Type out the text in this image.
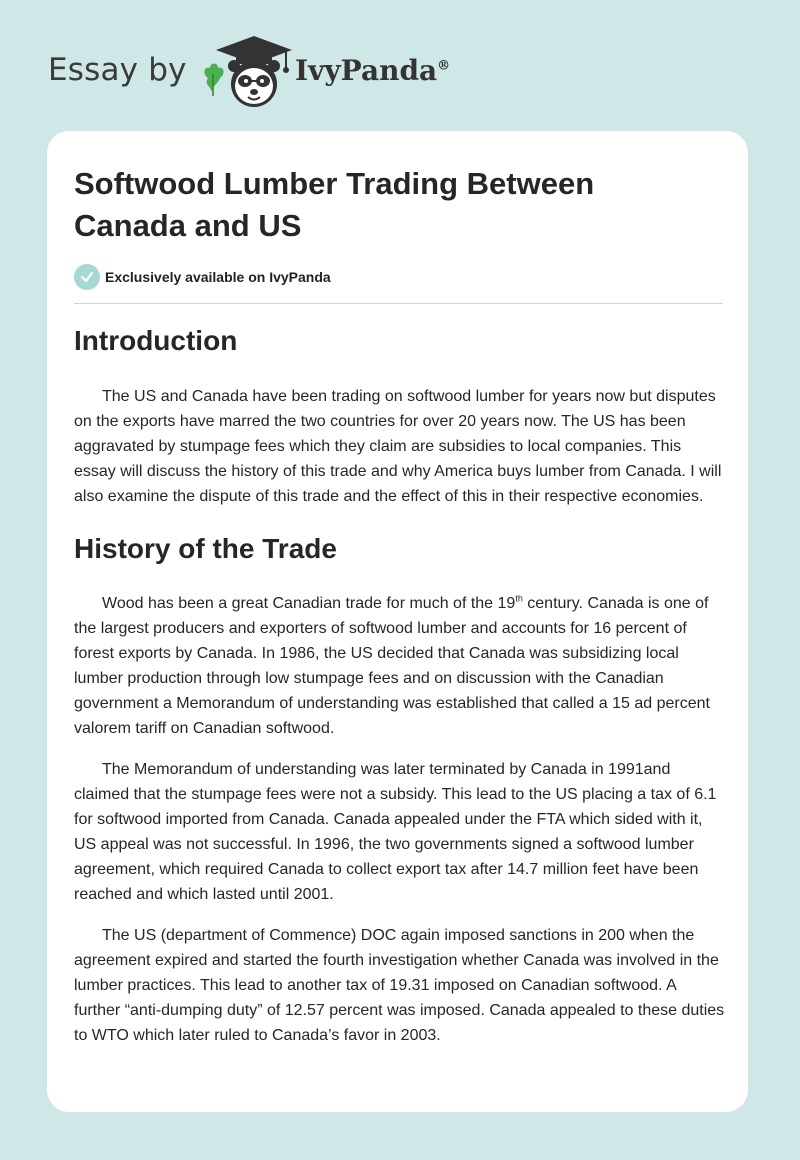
Essay by	IvyPanda®
Softwood Lumber Trading Between Canada and US
Exclusively available on IvyPanda
Introduction

The US and Canada have been trading on softwood lumber for years now but disputes on the exports have marred the two countries for over 20 years now. The US has been aggravated by stumpage fees which they claim are subsidies to local companies. This essay will discuss the history of this trade and why America buys lumber from Canada. I will also examine the dispute of this trade and the effect of this in their respective economies.

History of the Trade

Wood has been a great Canadian trade for much of the 19th century. Canada is one of the largest producers and exporters of softwood lumber and accounts for 16 percent of forest exports by Canada. In 1986, the US decided that Canada was subsidizing local lumber production through low stumpage fees and on discussion with the Canadian government a Memorandum of understanding was established that called a 15 ad percent valorem tariff on Canadian softwood.

The Memorandum of understanding was later terminated by Canada in 1991and claimed that the stumpage fees were not a subsidy. This lead to the US placing a tax of 6.1 for softwood imported from Canada. Canada appealed under the FTA which sided with it, US appeal was not successful. In 1996, the two governments signed a softwood lumber agreement, which required Canada to collect export tax after 14.7 million feet have been reached and which lasted until 2001.

The US (department of Commence) DOC again imposed sanctions in 200 when the agreement expired and started the fourth investigation whether Canada was involved in the lumber practices. This lead to another tax of 19.31 imposed on Canadian softwood. A further “anti-dumping duty” of 12.57 percent was imposed. Canada appealed to these duties to WTO which later ruled to Canada’s favor in 2003.
